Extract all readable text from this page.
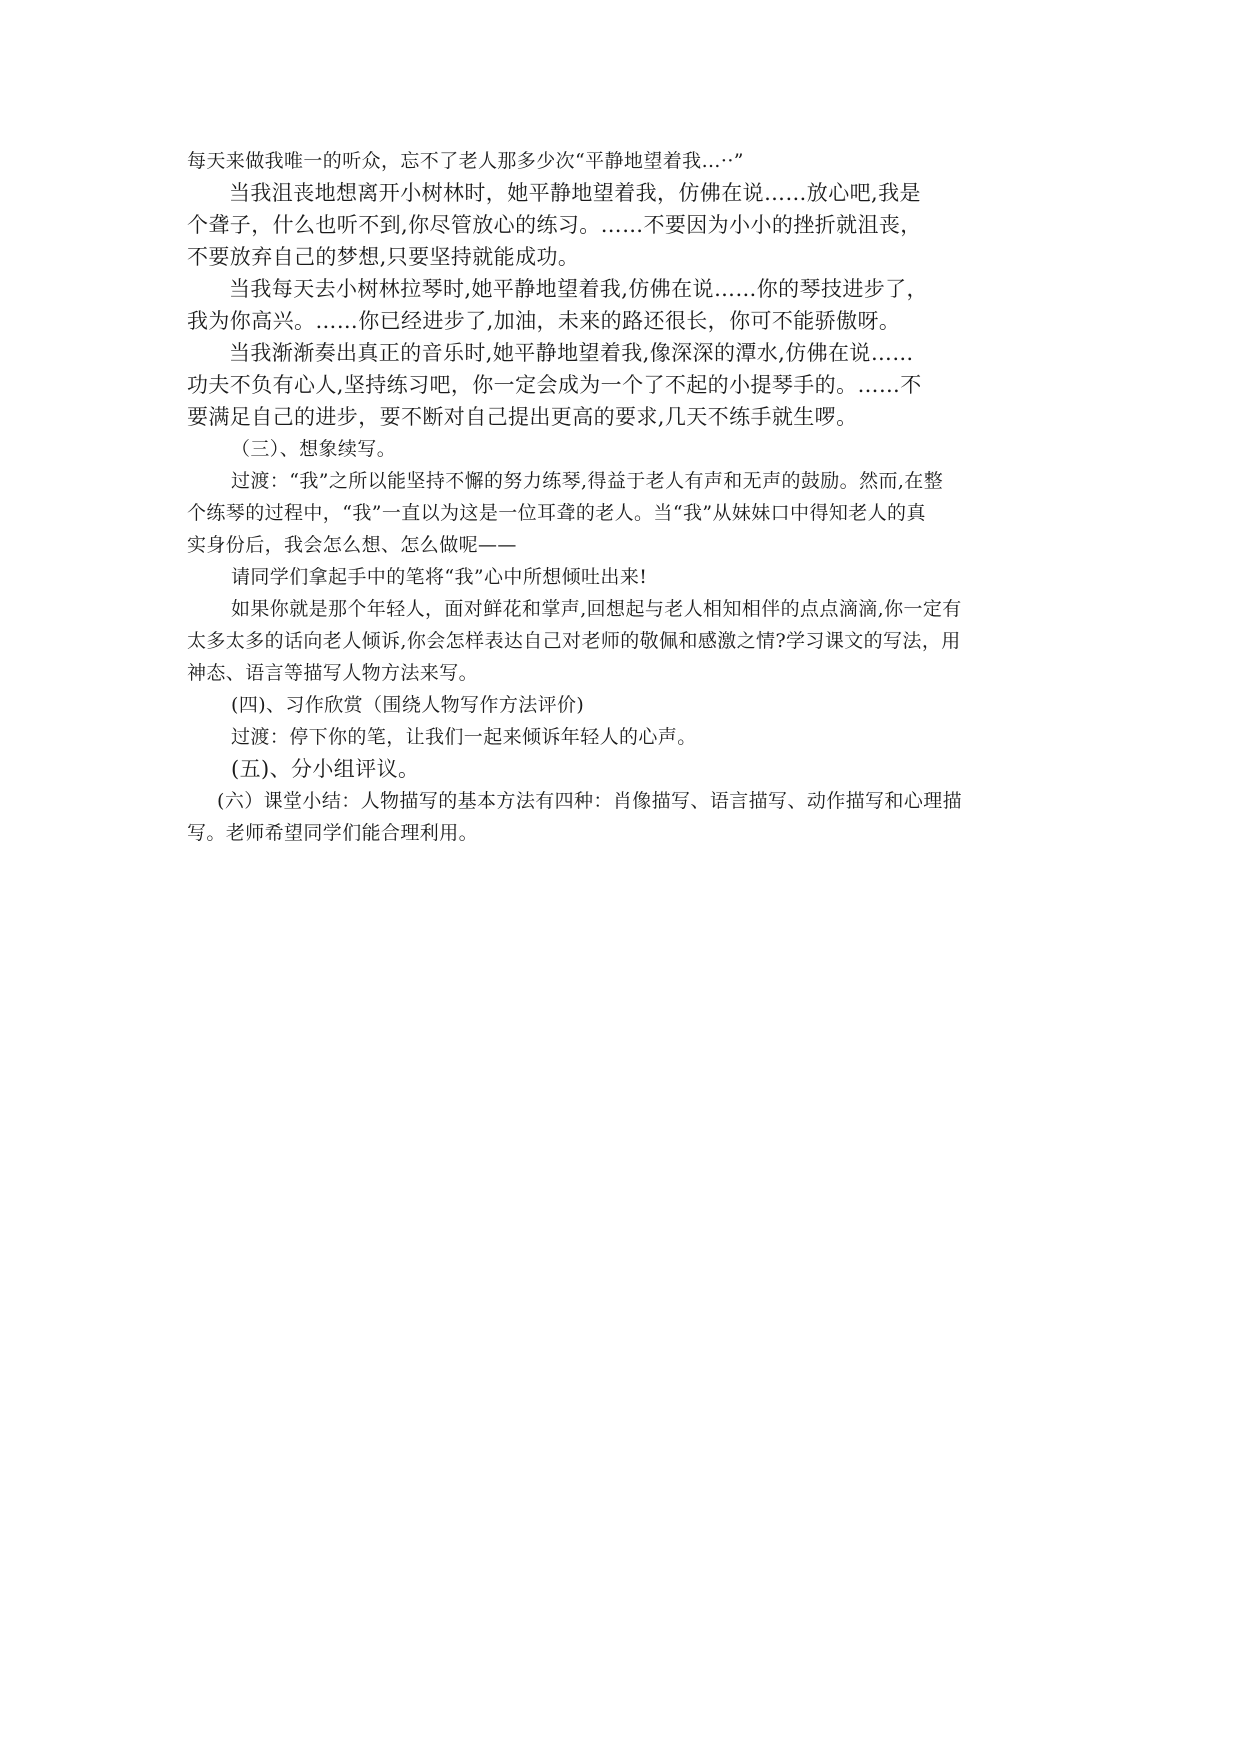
每天来做我唯一的听众，忘不了老人那多少次“平静地望着我…··”

当我沮丧地想离开小树林时，她平静地望着我，仿佛在说……放心吧,我是

个聋子，什么也听不到,你尽管放心的练习。……不要因为小小的挫折就沮丧，

不要放弃自己的梦想,只要坚持就能成功。

当我每天去小树林拉琴时,她平静地望着我,仿佛在说……你的琴技进步了，

我为你高兴。……你已经进步了,加油，未来的路还很长，你可不能骄傲呀。

当我渐渐奏出真正的音乐时,她平静地望着我,像深深的潭水,仿佛在说……

功夫不负有心人,坚持练习吧，你一定会成为一个了不起的小提琴手的。……不

要满足自己的进步，要不断对自己提出更高的要求,几天不练手就生啰。

（三）、想象续写。

过渡：“我”之所以能坚持不懈的努力练琴,得益于老人有声和无声的鼓励。然而,在整

个练琴的过程中，“我”一直以为这是一位耳聋的老人。当“我”从妹妹口中得知老人的真

实身份后，我会怎么想、怎么做呢——

请同学们拿起手中的笔将“我”心中所想倾吐出来!

如果你就是那个年轻人，面对鲜花和掌声,回想起与老人相知相伴的点点滴滴,你一定有

太多太多的话向老人倾诉,你会怎样表达自己对老师的敬佩和感激之情?学习课文的写法，用

神态、语言等描写人物方法来写。

(四)、习作欣赏（围绕人物写作方法评价)

过渡：停下你的笔，让我们一起来倾诉年轻人的心声。

(五)、分小组评议。

(六）课堂小结：人物描写的基本方法有四种：肖像描写、语言描写、动作描写和心理描

写。老师希望同学们能合理利用。
